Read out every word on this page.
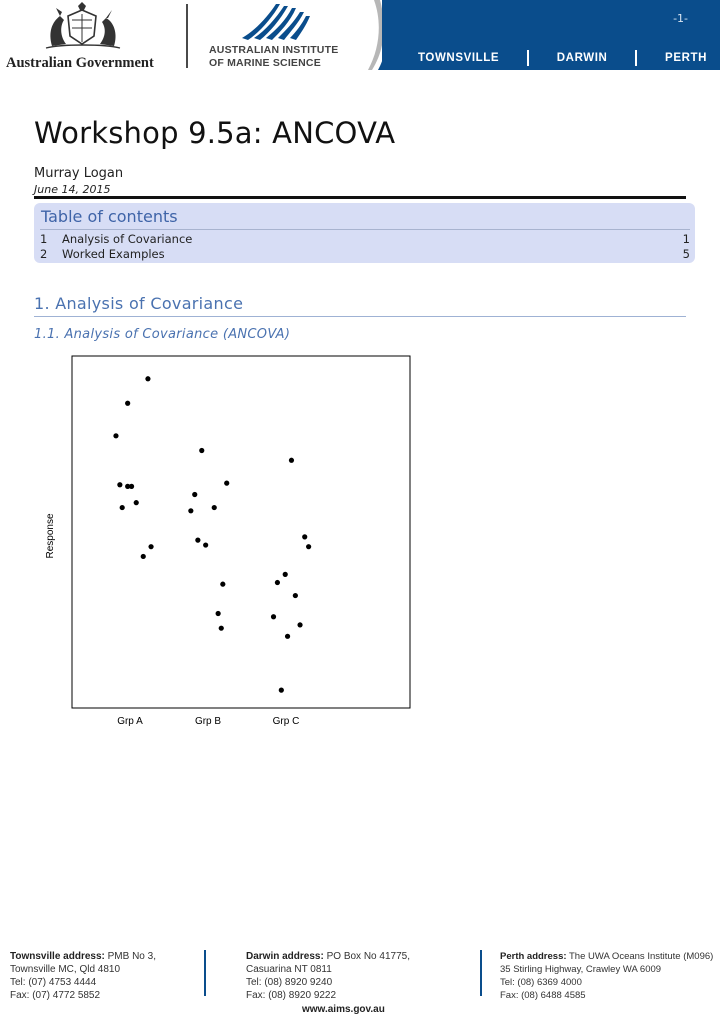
Australian Government
AUSTRALIAN INSTITUTE
OF MARINE SCIENCE
-1-
TOWNSVILLE	DARWIN	PERTH
Workshop 9.5a: ANCOVA
Murray Logan
June 14, 2015
Table of contents
1 Analysis of Covariance	1
2 Worked Examples	5
1. Analysis of Covariance
1.1. Analysis of Covariance (ANCOVA)
Response
Grp A	Grp B	Grp C
Townsville address: PMB No 3,
Townsville MC, Qld 4810
Tel: (07) 4753 4444
Fax: (07) 4772 5852
Darwin address: PO Box No 41775,
Casuarina NT 0811
Tel: (08) 8920 9240
Fax: (08) 8920 9222
Perth address: The UWA Oceans Institute (M096)
35 Stirling Highway, Crawley WA 6009
Tel: (08) 6369 4000
Fax: (08) 6488 4585
www.aims.gov.au
